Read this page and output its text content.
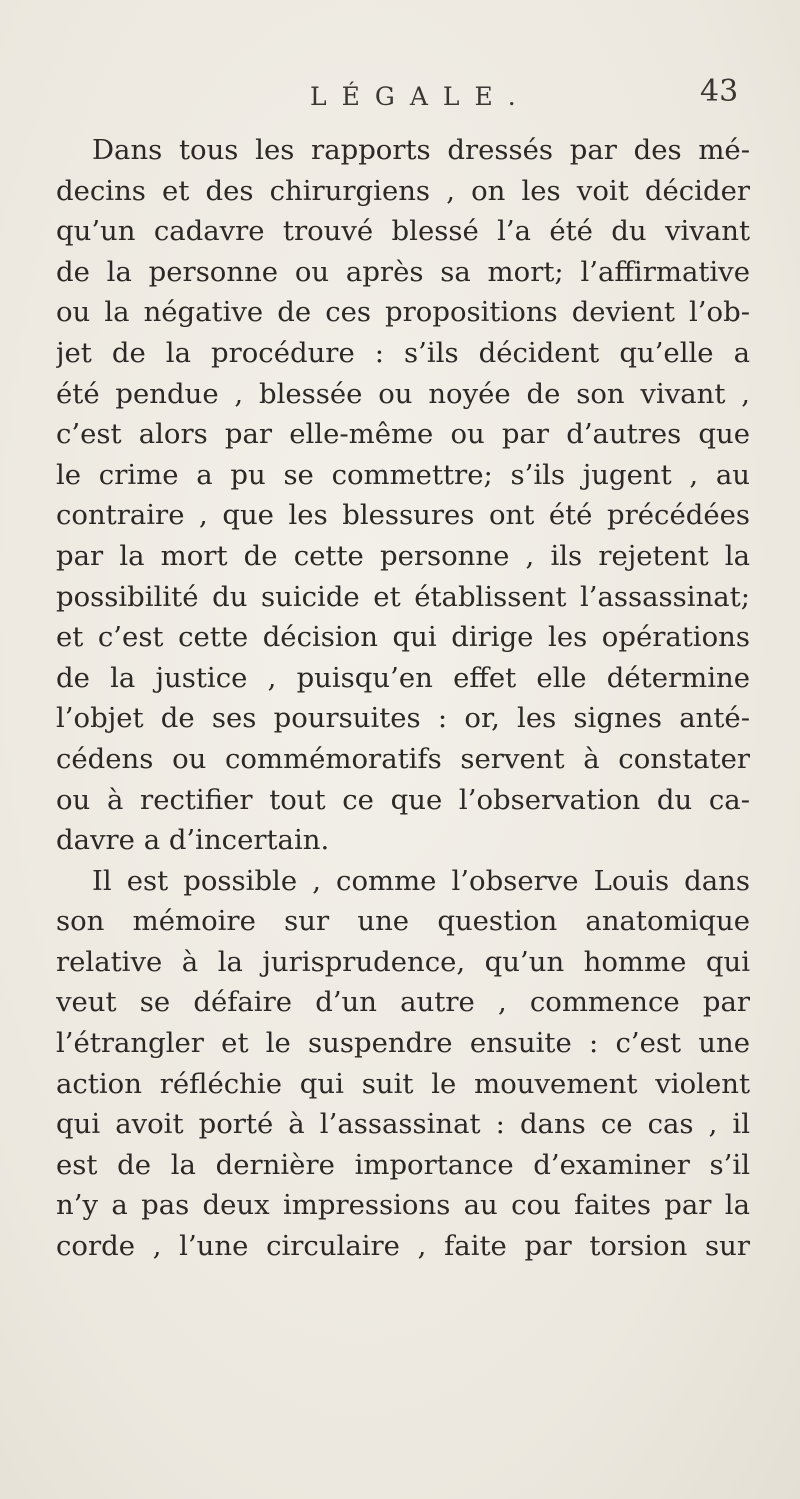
LÉGALE.	43
Dans tous les rapports dressés par des mé-
decins et des chirurgiens , on les voit décider
qu’un cadavre trouvé blessé l’a été du vivant
de la personne ou après sa mort; l’affirmative
ou la négative de ces propositions devient l’ob-
jet de la procédure : s’ils décident qu’elle a
été pendue , blessée ou noyée de son vivant ,
c’est alors par elle-même ou par d’autres que
le crime a pu se commettre; s’ils jugent , au
contraire , que les blessures ont été précédées
par la mort de cette personne , ils rejetent la
possibilité du suicide et établissent l’assassinat;
et c’est cette décision qui dirige les opérations
de la justice , puisqu’en effet elle détermine
l’objet de ses poursuites : or, les signes anté-
cédens ou commémoratifs servent à constater
ou à rectifier tout ce que l’observation du ca-
davre a d’incertain.
Il est possible , comme l’observe Louis dans
son mémoire sur une question anatomique
relative à la jurisprudence, qu’un homme qui
veut se défaire d’un autre , commence par
l’étrangler et le suspendre ensuite : c’est une
action réfléchie qui suit le mouvement violent
qui avoit porté à l’assassinat : dans ce cas , il
est de la dernière importance d’examiner s’il
n’y a pas deux impressions au cou faites par la
corde , l’une circulaire , faite par torsion sur
